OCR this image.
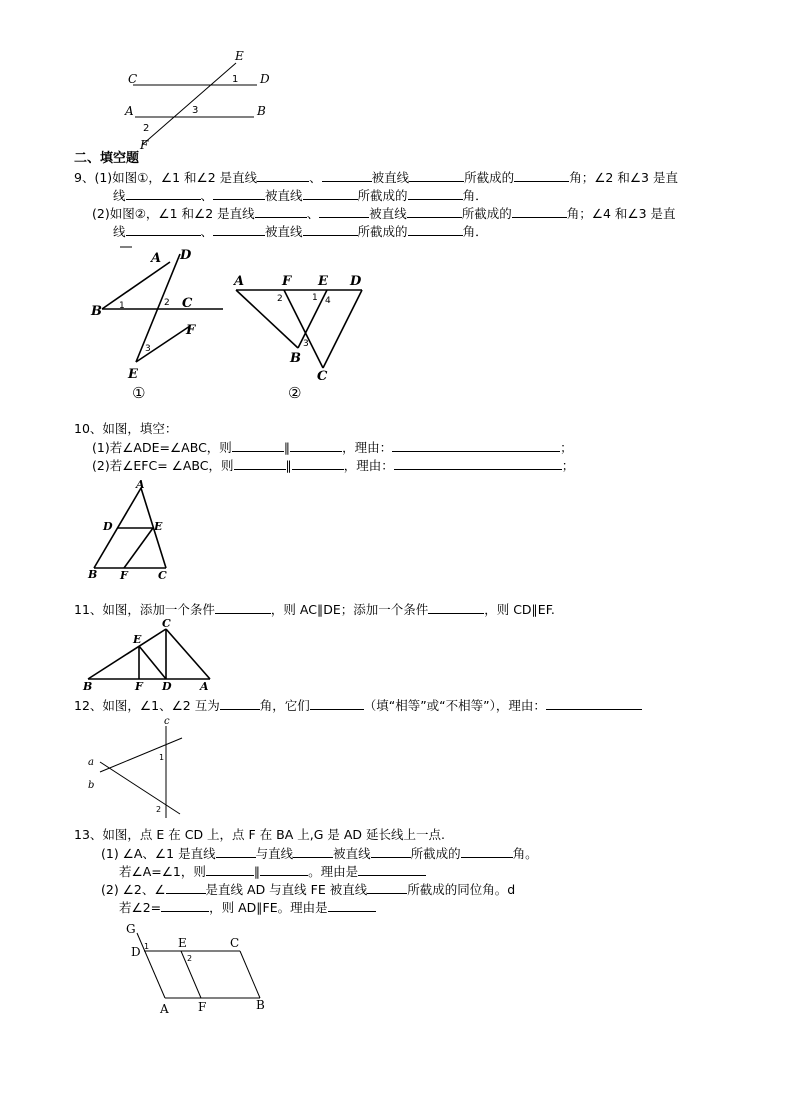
E
C	D
A	B
F
1
2
3
二、填空题
9、(1)如图①，∠1 和∠2 是直线	、	被直线	所截成的	角；∠2 和∠3 是直
线	、	被直线	所截成的	角．
(2)如图②，∠1 和∠2 是直线	、	被直线	所截成的	角；∠4 和∠3 是直
线	、	被直线	所截成的	角．
A D
B
C
F
E
1	2
3
①
A	F E D
B
C
2	1 4
3
②
10、如图，填空：
(1)若∠ADE=∠ABC，则	∥	，理由：	；
(2)若∠EFC= ∠ABC，则	∥	，理由：	；
A
D	E
B F	C
11、如图，添加一个条件	，则 AC∥DE；添加一个条件	，则 CD∥EF.
C
E
B	F D	A
12、如图，∠1、∠2 互为	角，它们	（填“相等”或“不相等”），理由：
c
a
b
1
2
13、如图，点 E 在 CD 上，点 F 在 BA 上,G 是 AD 延长线上一点.
(1) ∠A、∠1 是直线	与直线	被直线	所截成的	角。
若∠A=∠1，则	∥	。理由是
(2) ∠2、∠	是直线 AD 与直线 FE 被直线	所截成的同位角。d
若∠2=	，则 AD∥FE。理由是
G
D
E	C
A F	B
1
2
